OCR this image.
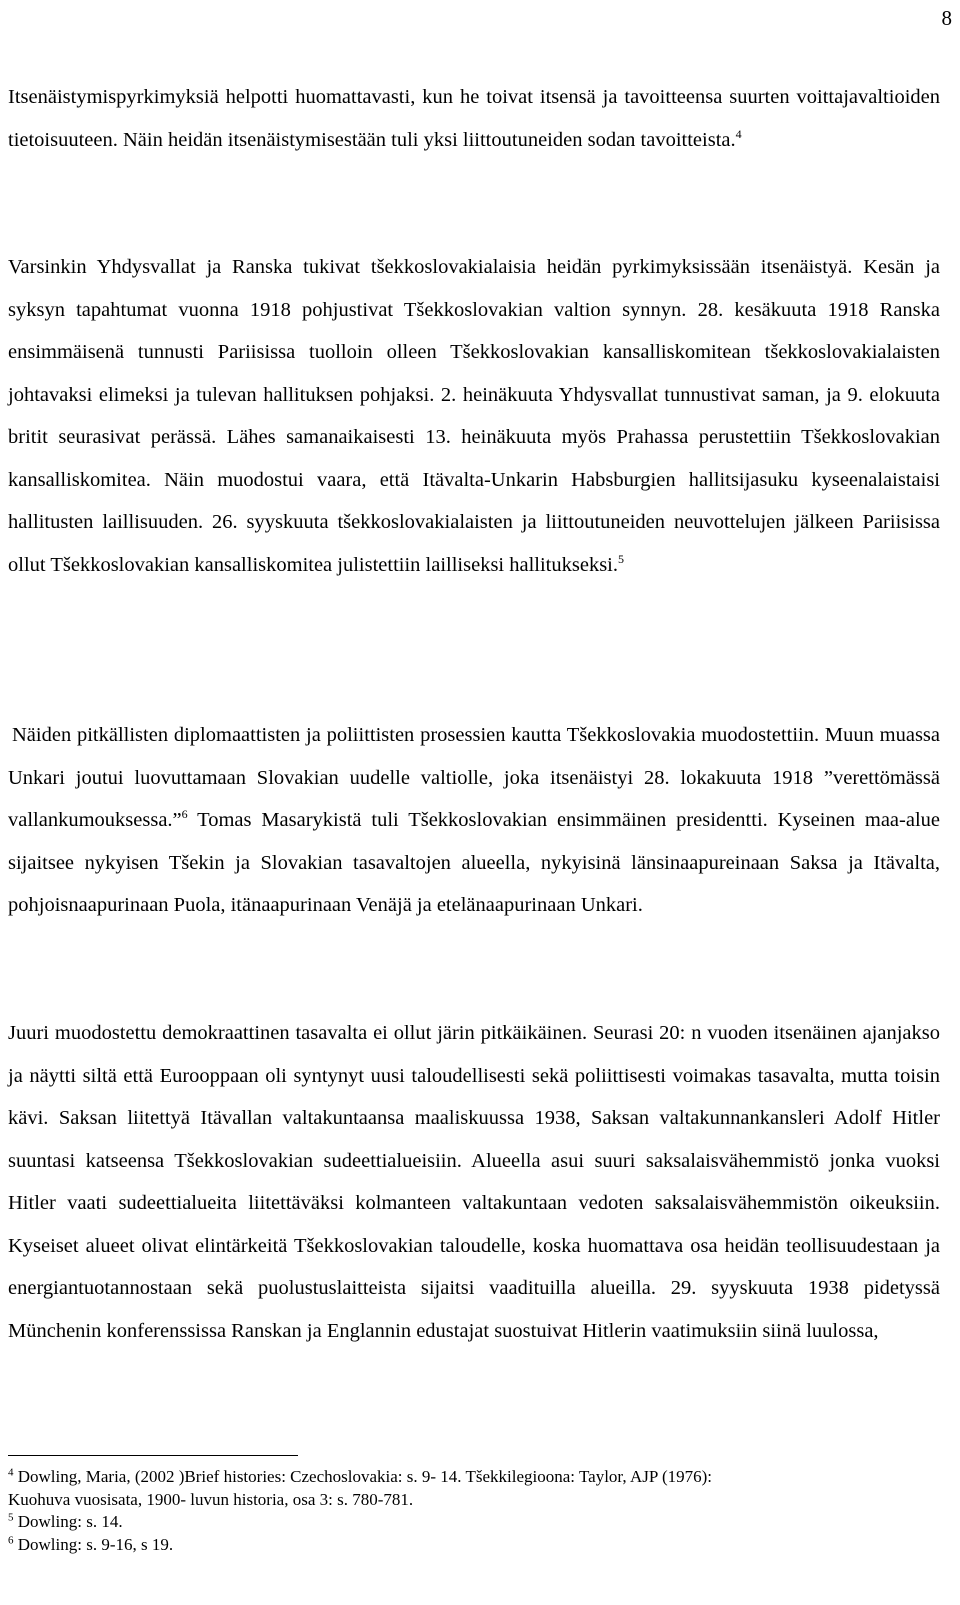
8

Itsenäistymispyrkimyksiä helpotti huomattavasti, kun he toivat itsensä ja tavoitteensa suurten voittajavaltioiden tietoisuuteen. Näin heidän itsenäistymisestään tuli yksi liittoutuneiden sodan tavoitteista.$^4$

Varsinkin Yhdysvallat ja Ranska tukivat tšekkoslovakialaisia heidän pyrkimyksissään itsenäistyä. Kesän ja syksyn tapahtumat vuonna 1918 pohjustivat Tšekkoslovakian valtion synnyn. 28. kesäkuuta 1918 Ranska ensimmäisenä tunnusti Pariisissa tuolloin olleen Tšekkoslovakian kansalliskomitean tšekkoslovakialaisten johtavaksi elimeksi ja tulevan hallituksen pohjaksi. 2. heinäkuuta Yhdysvallat tunnustivat saman, ja 9. elokuuta britit seurasivat perässä. Lähes samanaikaisesti 13. heinäkuuta myös Prahassa perustettiin Tšekkoslovakian kansalliskomitea. Näin muodostui vaara, että Itävalta-Unkarin Habsburgien hallitsijasuku kyseenalaistaisi hallitusten laillisuuden. 26. syyskuuta tšekkoslovakialaisten ja liittoutuneiden neuvottelujen jälkeen Pariisissa ollut Tšekkoslovakian kansalliskomitea julistettiin lailliseksi hallitukseksi.$^5$

Näiden pitkällisten diplomaattisten ja poliittisten prosessien kautta Tšekkoslovakia muodostettiin. Muun muassa Unkari joutui luovuttamaan Slovakian uudelle valtiolle, joka itsenäistyi 28. lokakuuta 1918 ”verettömässä vallankumouksessa.”$^6$ Tomas Masarykistä tuli Tšekkoslovakian ensimmäinen presidentti. Kyseinen maa-alue sijaitsee nykyisen Tšekin ja Slovakian tasavaltojen alueella, nykyisinä länsinaapureinaan Saksa ja Itävalta, pohjoisnaapurinaan Puola, itänaapurinaan Venäjä ja etelänaapurinaan Unkari.

Juuri muodostettu demokraattinen tasavalta ei ollut järin pitkäikäinen. Seurasi 20: n vuoden itsenäinen ajanjakso ja näytti siltä että Eurooppaan oli syntynyt uusi taloudellisesti sekä poliittisesti voimakas tasavalta, mutta toisin kävi. Saksan liitettyä Itävallan valtakuntaansa maaliskuussa 1938, Saksan valtakunnankansleri Adolf Hitler suuntasi katseensa Tšekkoslovakian sudeettialueisiin. Alueella asui suuri saksalaisvähemmistö jonka vuoksi Hitler vaati sudeettialueita liitettäväksi kolmanteen valtakuntaan vedoten saksalaisvähemmistön oikeuksiin. Kyseiset alueet olivat elintärkeitä Tšekkoslovakian taloudelle, koska huomattava osa heidän teollisuudestaan ja energiantuotannostaan sekä puolustuslaitteista sijaitsi vaadituilla alueilla. 29. syyskuuta 1938 pidetyssä Münchenin konferenssissa Ranskan ja Englannin edustajat suostuivat Hitlerin vaatimuksiin siinä luulossa,

$^4$ Dowling, Maria, (2002 )Brief histories: Czechoslovakia: s. 9- 14. Tšekkilegioona: Taylor, AJP (1976):
Kuohuva vuosisata, 1900- luvun historia, osa 3: s. 780-781.
$^5$ Dowling: s. 14.
$^6$ Dowling: s. 9-16, s 19.
